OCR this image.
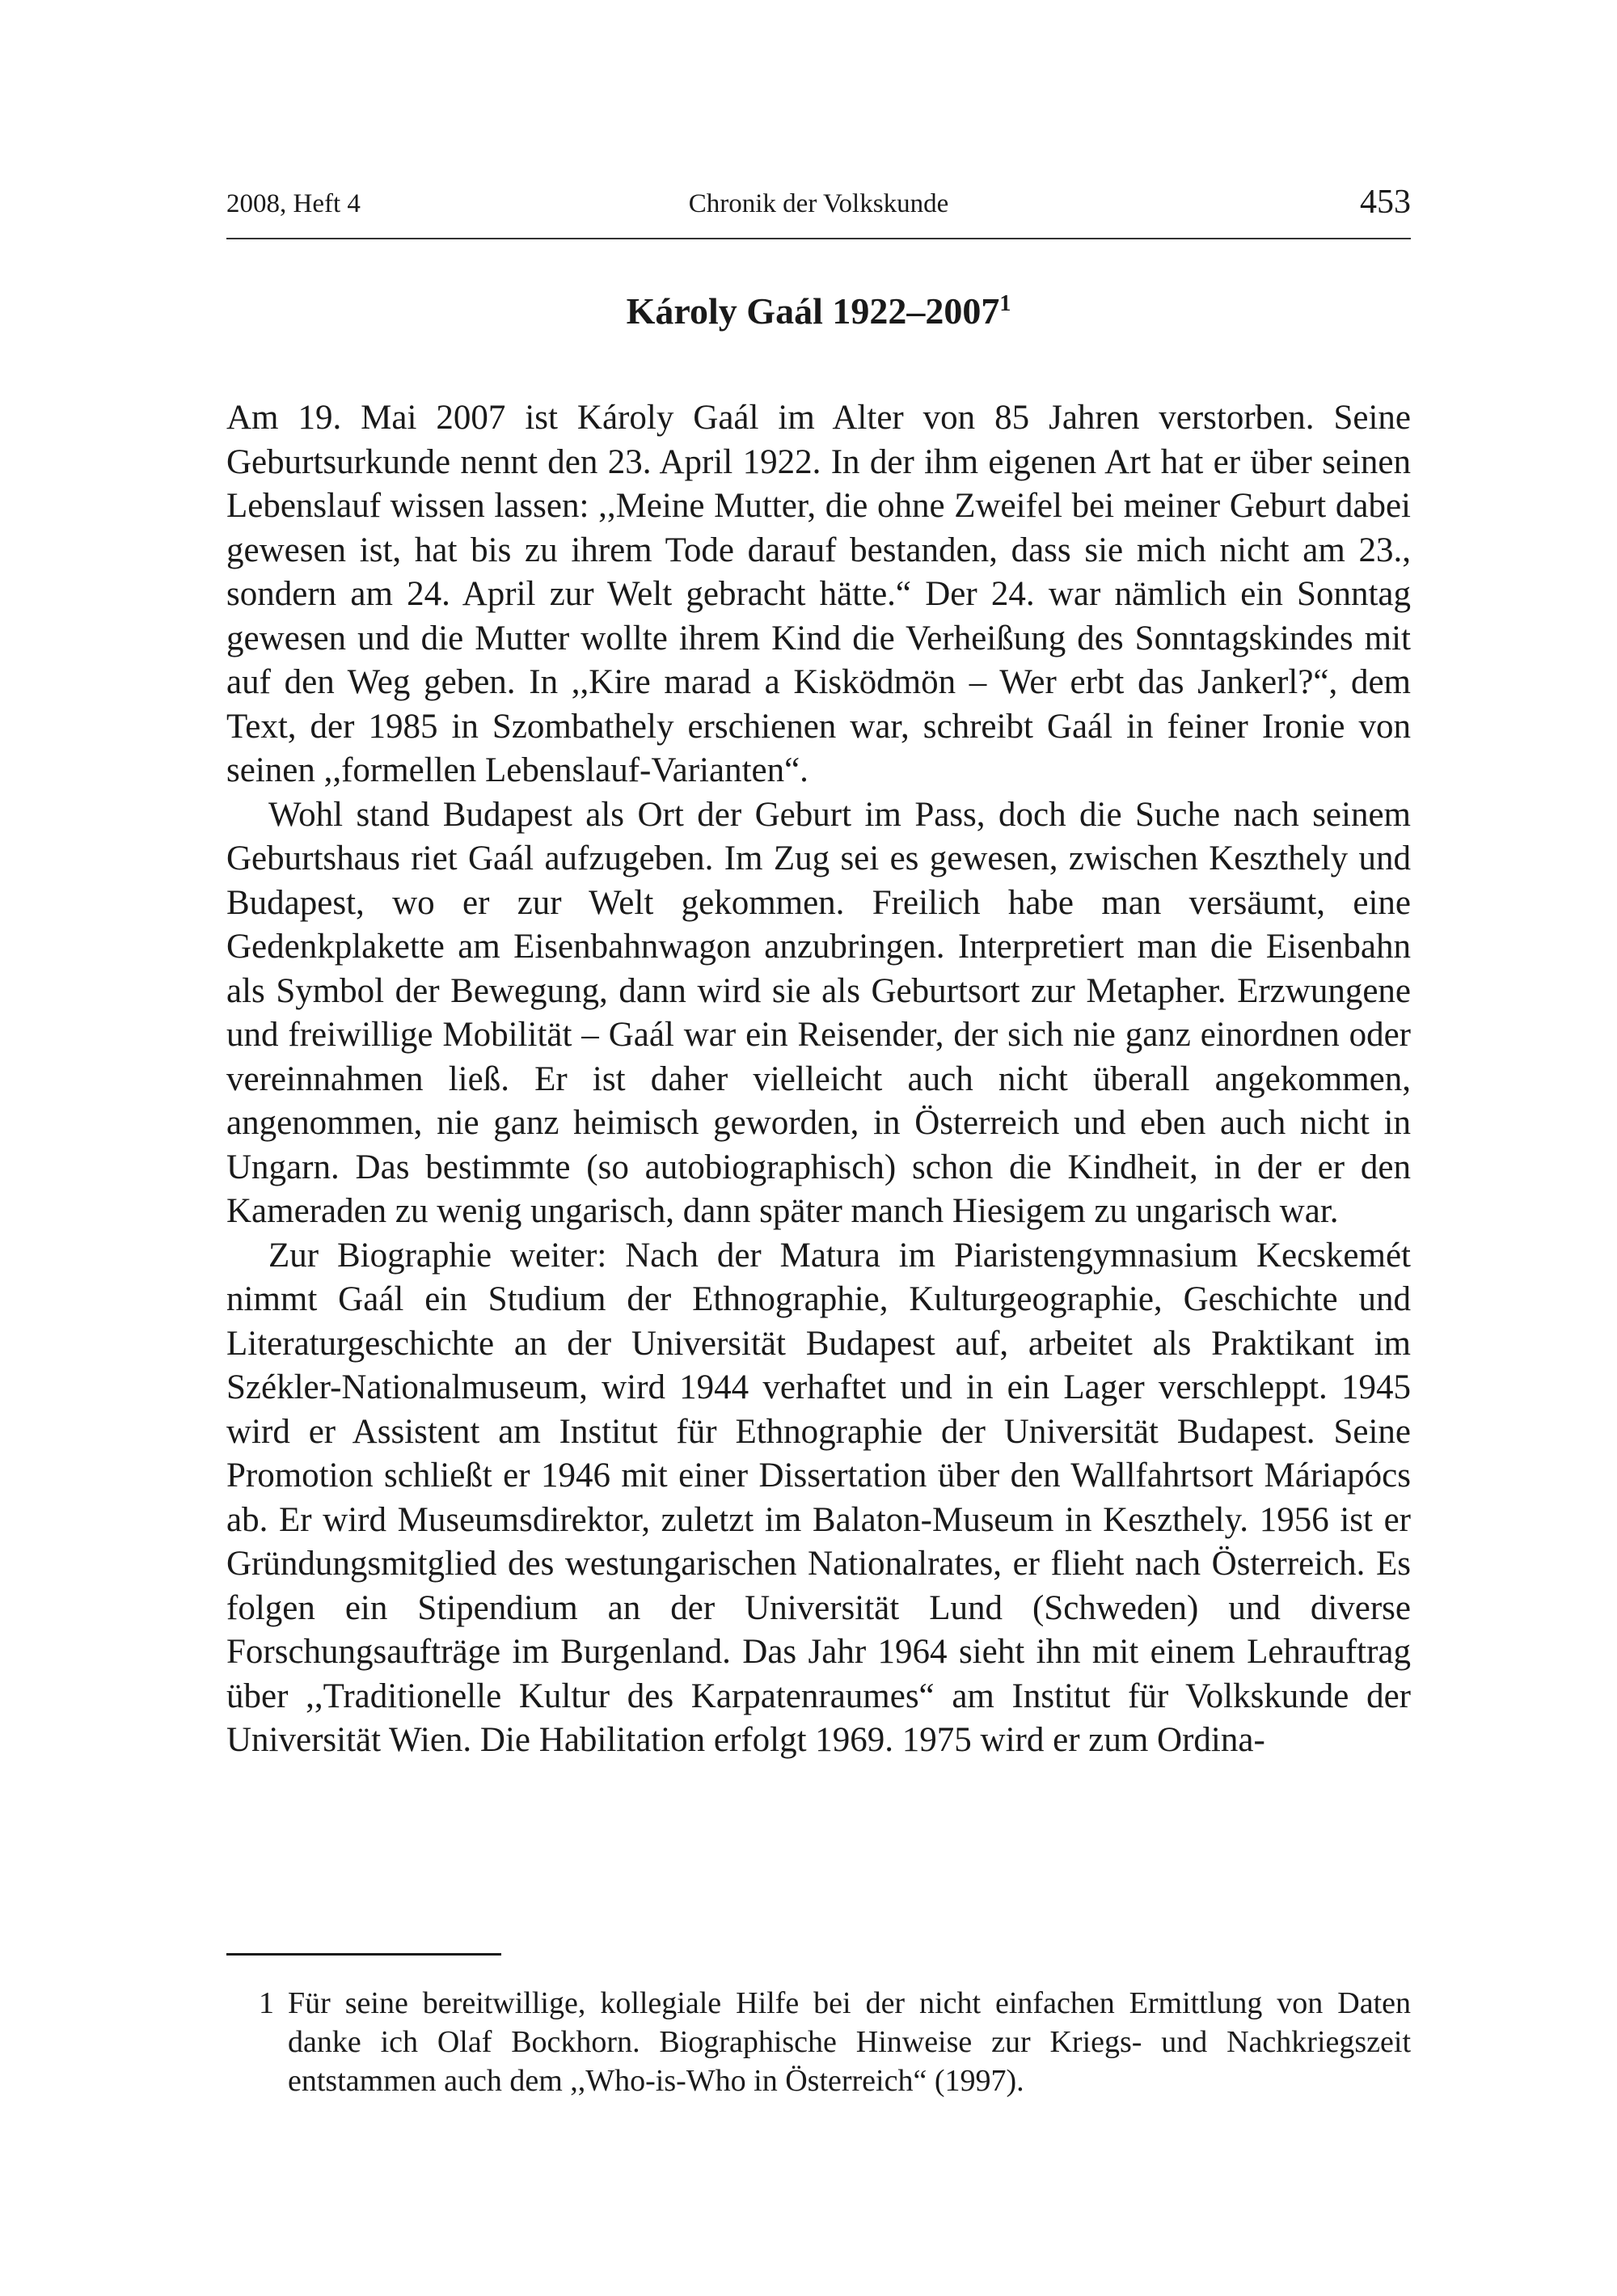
2008, Heft 4	Chronik der Volkskunde	453
Károly Gaál 1922–2007$^1$

Am 19. Mai 2007 ist Károly Gaál im Alter von 85 Jahren verstorben. Seine Geburtsurkunde nennt den 23. April 1922. In der ihm eigenen Art hat er über seinen Lebenslauf wissen lassen: ,,Meine Mutter, die ohne Zweifel bei meiner Geburt dabei gewesen ist, hat bis zu ihrem Tode darauf bestanden, dass sie mich nicht am 23., sondern am 24. April zur Welt gebracht hätte.“ Der 24. war nämlich ein Sonntag gewesen und die Mutter wollte ihrem Kind die Verheißung des Sonntagskindes mit auf den Weg geben. In ,,Kire marad a Kisködmön – Wer erbt das Jankerl?“, dem Text, der 1985 in Szombathely erschienen war, schreibt Gaál in feiner Ironie von seinen ,,formellen Lebenslauf-Varianten“.

Wohl stand Budapest als Ort der Geburt im Pass, doch die Suche nach seinem Geburtshaus riet Gaál aufzugeben. Im Zug sei es gewesen, zwischen Keszthely und Budapest, wo er zur Welt gekommen. Freilich habe man versäumt, eine Gedenkplakette am Eisenbahnwagon anzubringen. Interpretiert man die Eisenbahn als Symbol der Bewegung, dann wird sie als Geburtsort zur Metapher. Erzwungene und freiwillige Mobilität – Gaál war ein Reisender, der sich nie ganz einordnen oder vereinnahmen ließ. Er ist daher vielleicht auch nicht überall angekommen, angenommen, nie ganz heimisch geworden, in Österreich und eben auch nicht in Ungarn. Das bestimmte (so autobiographisch) schon die Kindheit, in der er den Kameraden zu wenig ungarisch, dann später manch Hiesigem zu ungarisch war.

Zur Biographie weiter: Nach der Matura im Piaristengymnasium Kecskemét nimmt Gaál ein Studium der Ethnographie, Kulturgeographie, Geschichte und Literaturgeschichte an der Universität Budapest auf, arbeitet als Praktikant im Székler-Nationalmuseum, wird 1944 verhaftet und in ein Lager verschleppt. 1945 wird er Assistent am Institut für Ethnographie der Universität Budapest. Seine Promotion schließt er 1946 mit einer Dissertation über den Wallfahrtsort Máriapócs ab. Er wird Museumsdirektor, zuletzt im Balaton-Museum in Keszthely. 1956 ist er Gründungsmitglied des westungarischen Nationalrates, er flieht nach Österreich. Es folgen ein Stipendium an der Universität Lund (Schweden) und diverse Forschungsaufträge im Burgenland. Das Jahr 1964 sieht ihn mit einem Lehrauftrag über ,,Traditionelle Kultur des Karpatenraumes“ am Institut für Volkskunde der Universität Wien. Die Habilitation erfolgt 1969. 1975 wird er zum Ordina-

1 Für seine bereitwillige, kollegiale Hilfe bei der nicht einfachen Ermittlung von Daten danke ich Olaf Bockhorn. Biographische Hinweise zur Kriegs- und Nachkriegszeit entstammen auch dem ,,Who-is-Who in Österreich“ (1997).
